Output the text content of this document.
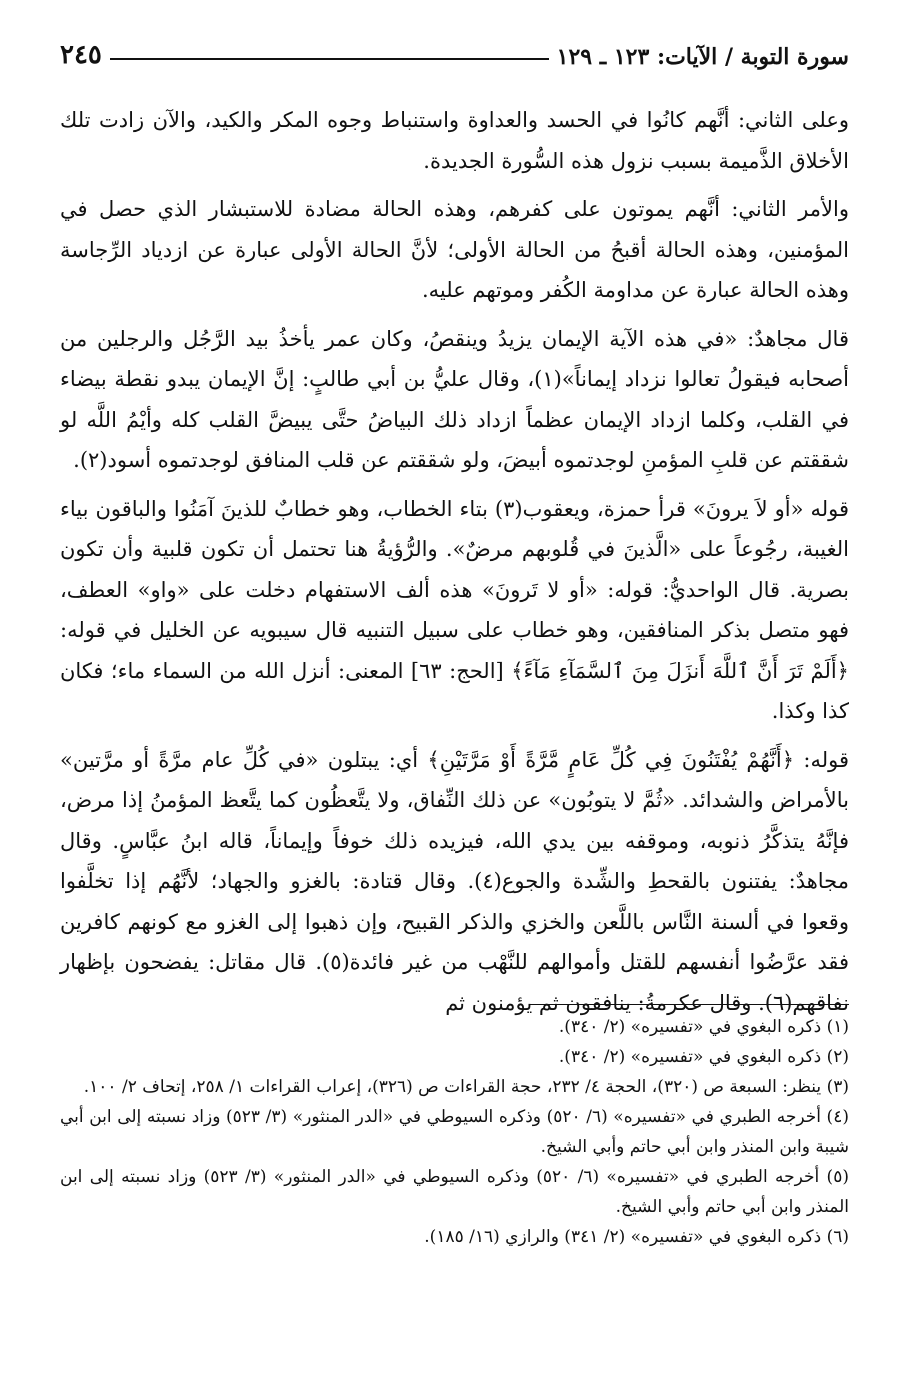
سورة التوبة / الآيات: ١٢٣ ـ ١٢٩
٢٤٥

وعلى الثاني: أنَّهم كانُوا في الحسد والعداوة واستنباط وجوه المكر والكيد، والآن زادت تلك الأخلاق الذَّميمة بسبب نزول هذه السُّورة الجديدة.

والأمر الثاني: أنَّهم يموتون على كفرهم، وهذه الحالة مضادة للاستبشار الذي حصل في المؤمنين، وهذه الحالة أقبحُ من الحالة الأولى؛ لأنَّ الحالة الأولى عبارة عن ازدياد الرِّجاسة وهذه الحالة عبارة عن مداومة الكُفر وموتهم عليه.

قال مجاهدٌ: «في هذه الآية الإيمان يزيدُ وينقصُ، وكان عمر يأخذُ بيد الرَّجُل والرجلين من أصحابه فيقولُ تعالوا نزداد إيماناً»(١)، وقال عليُّ بن أبي طالبٍ: إنَّ الإيمان يبدو نقطة بيضاء في القلب، وكلما ازداد الإيمان عظماً ازداد ذلك البياضُ حتَّى يبيضَّ القلب كله وأيْمُ اللَّه لو شققتم عن قلبِ المؤمنِ لوجدتموه أبيضَ، ولو شققتم عن قلب المنافق لوجدتموه أسود(٢).

قوله «أو لاَ يرونَ» قرأ حمزة، ويعقوب(٣) بتاء الخطاب، وهو خطابٌ للذينَ آمَنُوا والباقون بياء الغيبة، رجُوعاً على «الَّذينَ في قُلوبهم مرضٌ». والرُّؤيةُ هنا تحتمل أن تكون قلبية وأن تكون بصرية. قال الواحديُّ: قوله: «أو لا تَرونَ» هذه ألف الاستفهام دخلت على «واو» العطف، فهو متصل بذكر المنافقين، وهو خطاب على سبيل التنبيه قال سيبويه عن الخليل في قوله: ﴿أَلَمْ تَرَ أَنَّ ٱللَّهَ أَنزَلَ مِنَ ٱلسَّمَآءِ مَآءً﴾ [الحج: ٦٣] المعنى: أنزل الله من السماء ماء؛ فكان كذا وكذا.

قوله: ﴿أَنَّهُمْ يُفْتَنُونَ فِي كُلِّ عَامٍ مَّرَّةً أَوْ مَرَّتَيْنِ﴾ أي: يبتلون «في كُلِّ عام مرَّةً أو مرَّتين» بالأمراض والشدائد. «ثُمَّ لا يتوبُون» عن ذلك النِّفاق، ولا يتَّعظُون كما يتَّعظ المؤمنُ إذا مرض، فإنَّهُ يتذكَّرُ ذنوبه، وموقفه بين يدي الله، فيزيده ذلك خوفاً وإيماناً، قاله ابنُ عبَّاسٍ. وقال مجاهدٌ: يفتنون بالقحطِ والشِّدة والجوع(٤). وقال قتادة: بالغزو والجهاد؛ لأنَّهُم إذا تخلَّفوا وقعوا في ألسنة النَّاس باللَّعن والخزي والذكر القبيح، وإن ذهبوا إلى الغزو مع كونهم كافرين فقد عرَّضُوا أنفسهم للقتل وأموالهم للنَّهْب من غير فائدة(٥). قال مقاتل: يفضحون بإظهار نفاقهم(٦). وقال عكرمةُ: ينافقون ثم يؤمنون ثم

(١) ذكره البغوي في «تفسيره» (٢/ ٣٤٠).

(٢) ذكره البغوي في «تفسيره» (٢/ ٣٤٠).

(٣) ينظر: السبعة ص (٣٢٠)، الحجة ٤/ ٢٣٢، حجة القراءات ص (٣٢٦)، إعراب القراءات ١/ ٢٥٨، إتحاف ٢/ ١٠٠.

(٤) أخرجه الطبري في «تفسيره» (٦/ ٥٢٠) وذكره السيوطي في «الدر المنثور» (٣/ ٥٢٣) وزاد نسبته إلى ابن أبي شيبة وابن المنذر وابن أبي حاتم وأبي الشيخ.

(٥) أخرجه الطبري في «تفسيره» (٦/ ٥٢٠) وذكره السيوطي في «الدر المنثور» (٣/ ٥٢٣) وزاد نسبته إلى ابن المنذر وابن أبي حاتم وأبي الشيخ.

(٦) ذكره البغوي في «تفسيره» (٢/ ٣٤١) والرازي (١٦/ ١٨٥).
